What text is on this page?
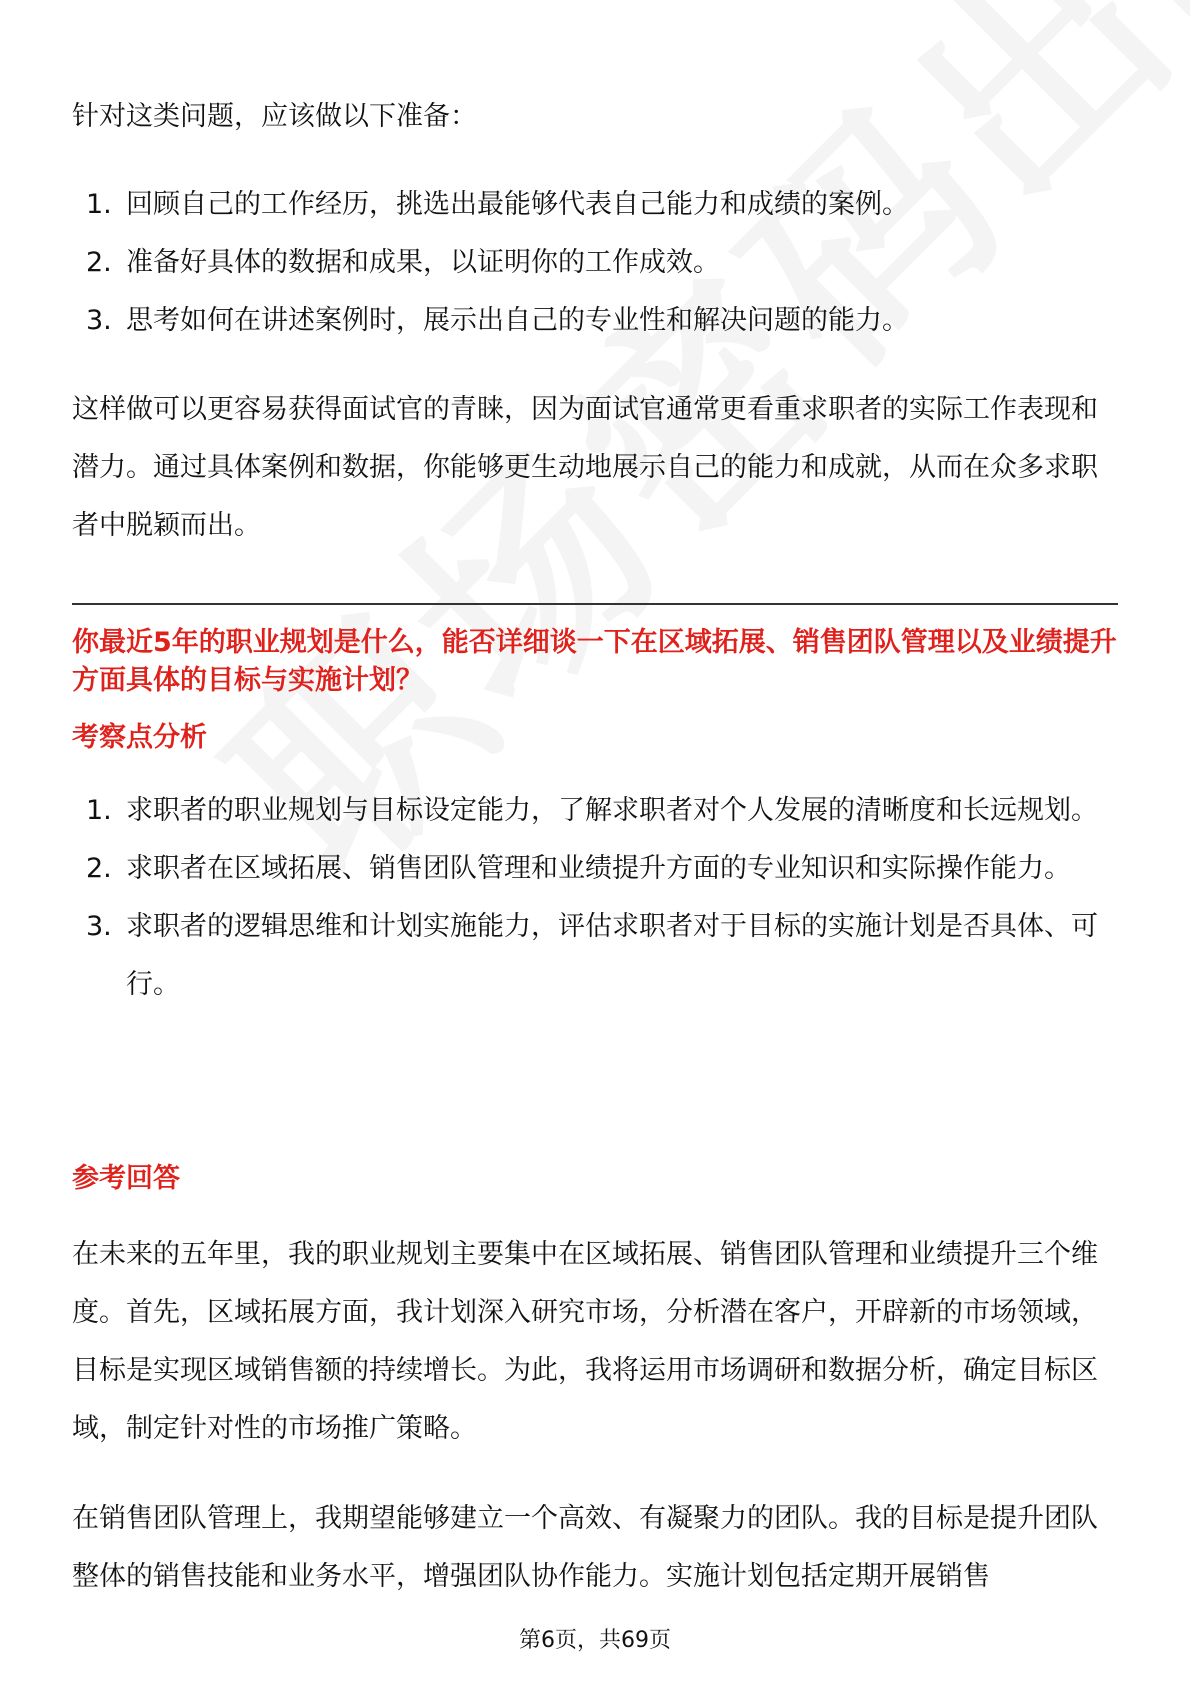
针对这类问题，应该做以下准备：

1. 回顾自己的工作经历，挑选出最能够代表自己能力和成绩的案例。
2. 准备好具体的数据和成果，以证明你的工作成效。
3. 思考如何在讲述案例时，展示出自己的专业性和解决问题的能力。

这样做可以更容易获得面试官的青睐，因为面试官通常更看重求职者的实际工作表现和潜力。通过具体案例和数据，你能够更生动地展示自己的能力和成就，从而在众多求职者中脱颖而出。

你最近5年的职业规划是什么，能否详细谈一下在区域拓展、销售团队管理以及业绩提升方面具体的目标与实施计划？

考察点分析

1. 求职者的职业规划与目标设定能力，了解求职者对个人发展的清晰度和长远规划。
2. 求职者在区域拓展、销售团队管理和业绩提升方面的专业知识和实际操作能力。
3. 求职者的逻辑思维和计划实施能力，评估求职者对于目标的实施计划是否具体、可行。

参考回答

在未来的五年里，我的职业规划主要集中在区域拓展、销售团队管理和业绩提升三个维度。首先，区域拓展方面，我计划深入研究市场，分析潜在客户，开辟新的市场领域，目标是实现区域销售额的持续增长。为此，我将运用市场调研和数据分析，确定目标区域，制定针对性的市场推广策略。

在销售团队管理上，我期望能够建立一个高效、有凝聚力的团队。我的目标是提升团队整体的销售技能和业务水平，增强团队协作能力。实施计划包括定期开展销售

第6页，共69页
